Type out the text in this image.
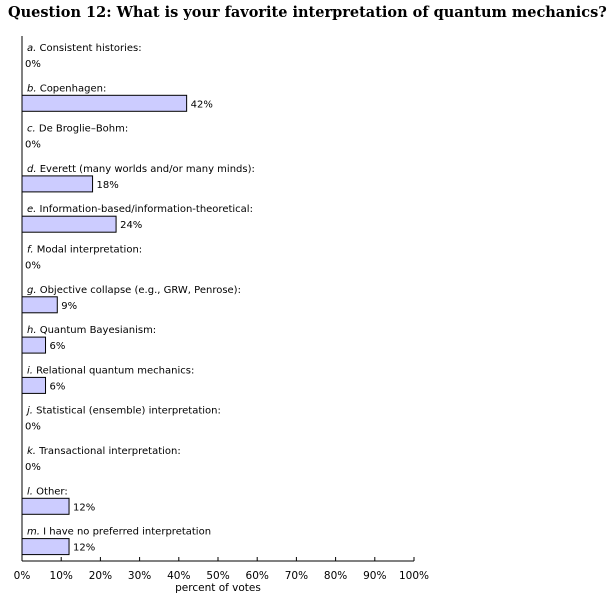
Question 12: What is your favorite interpretation of quantum mechanics?
a. Consistent histories:
0%
b. Copenhagen:
42%
c. De Broglie–Bohm:
0%
d. Everett (many worlds and/or many minds):
18%
e. Information-based/information-theoretical:
24%
f. Modal interpretation:
0%
g. Objective collapse (e.g., GRW, Penrose):
9%
h. Quantum Bayesianism:
6%
i. Relational quantum mechanics:
6%
j. Statistical (ensemble) interpretation:
0%
k. Transactional interpretation:
0%
l. Other:
12%
m. I have no preferred interpretation
12%
0% 10% 20% 30% 40% 50% 60% 70% 80% 90% 100%
percent of votes
